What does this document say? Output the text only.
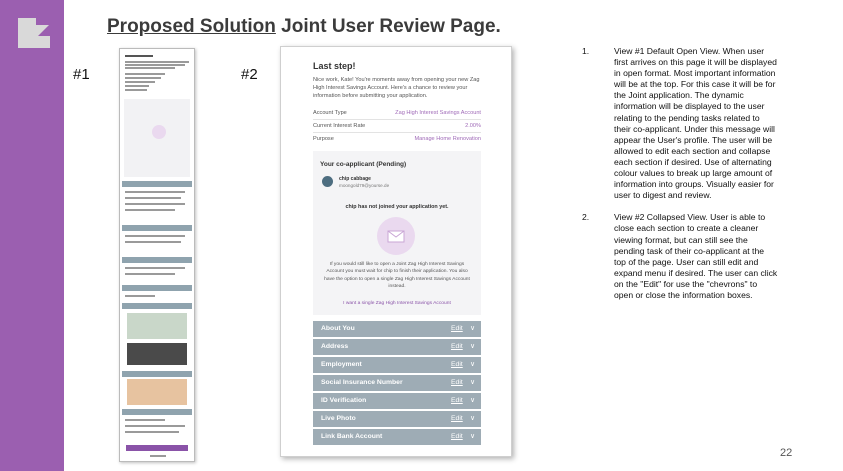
Proposed Solution Joint User Review Page.
#1	#2	Last step!
Nice work, Kate! You're moments away from opening your new Zag High Interest Savings Account. Here's a chance to review your information before submitting your application.
Account Type	Zag High Interest Savings Account
Current Interest Rate	2.00%
Purpose	Manage Home Renovation
Your co-applicant (Pending)
chip cabbage
moongold79@yourse.de
chip has not joined your application yet.
If you would still like to open a Joint Zag High Interest Savings Account you must wait for chip to finish their application. You also have the option to open a single Zag High Interest Savings Account instead.
I want a single Zag High Interest Savings Account
About You	Edit ∨
Address	Edit ∨
Employment	Edit ∨
Social Insurance Number	Edit ∨
ID Verification	Edit ∨
Live Photo	Edit ∨
Link Bank Account	Edit ∨
1.	View #1 Default Open View. When user first arrives on this page it will be displayed in open format. Most important information will be at the top. For this case it will be for the Joint application. The dynamic information will be displayed to the user relating to the pending tasks related to their co-applicant. Under this message will appear the User's profile. The user will be allowed to edit each section and collapse each section if desired. Use of alternating colour values to break up large amount of information into groups. Visually easier for user to digest and review.
2.	View #2 Collapsed View. User is able to close each section to create a cleaner viewing format, but can still see the pending task of their co-applicant at the top of the page. User can still edit and expand menu if desired. The user can click on the "Edit" for use the "chevrons" to open or close the information boxes.
22
